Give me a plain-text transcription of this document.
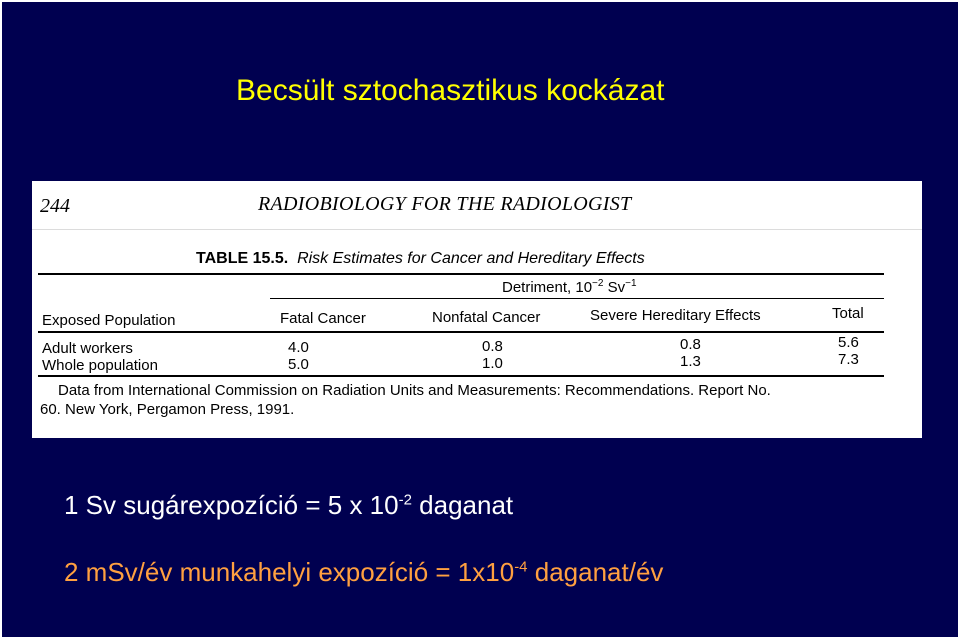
Becsült sztochasztikus kockázat
244	RADIOBIOLOGY FOR THE RADIOLOGIST
TABLE 15.5. Risk Estimates for Cancer and Hereditary Effects
Detriment, $10^{-2}$ $Sv^{-1}$
Exposed Population	Fatal Cancer	Nonfatal Cancer	Severe Hereditary Effects	Total
Adult workers	4.0	0.8	0.8	5.6
Whole population	5.0	1.0	1.3	7.3
Data from International Commission on Radiation Units and Measurements: Recommendations. Report No.
60. New York, Pergamon Press, 1991.
1 Sv sugárexpozíció = 5 x $10^{-2}$ daganat
2 mSv/év munkahelyi expozíció = $1x10^{-4}$ daganat/év
